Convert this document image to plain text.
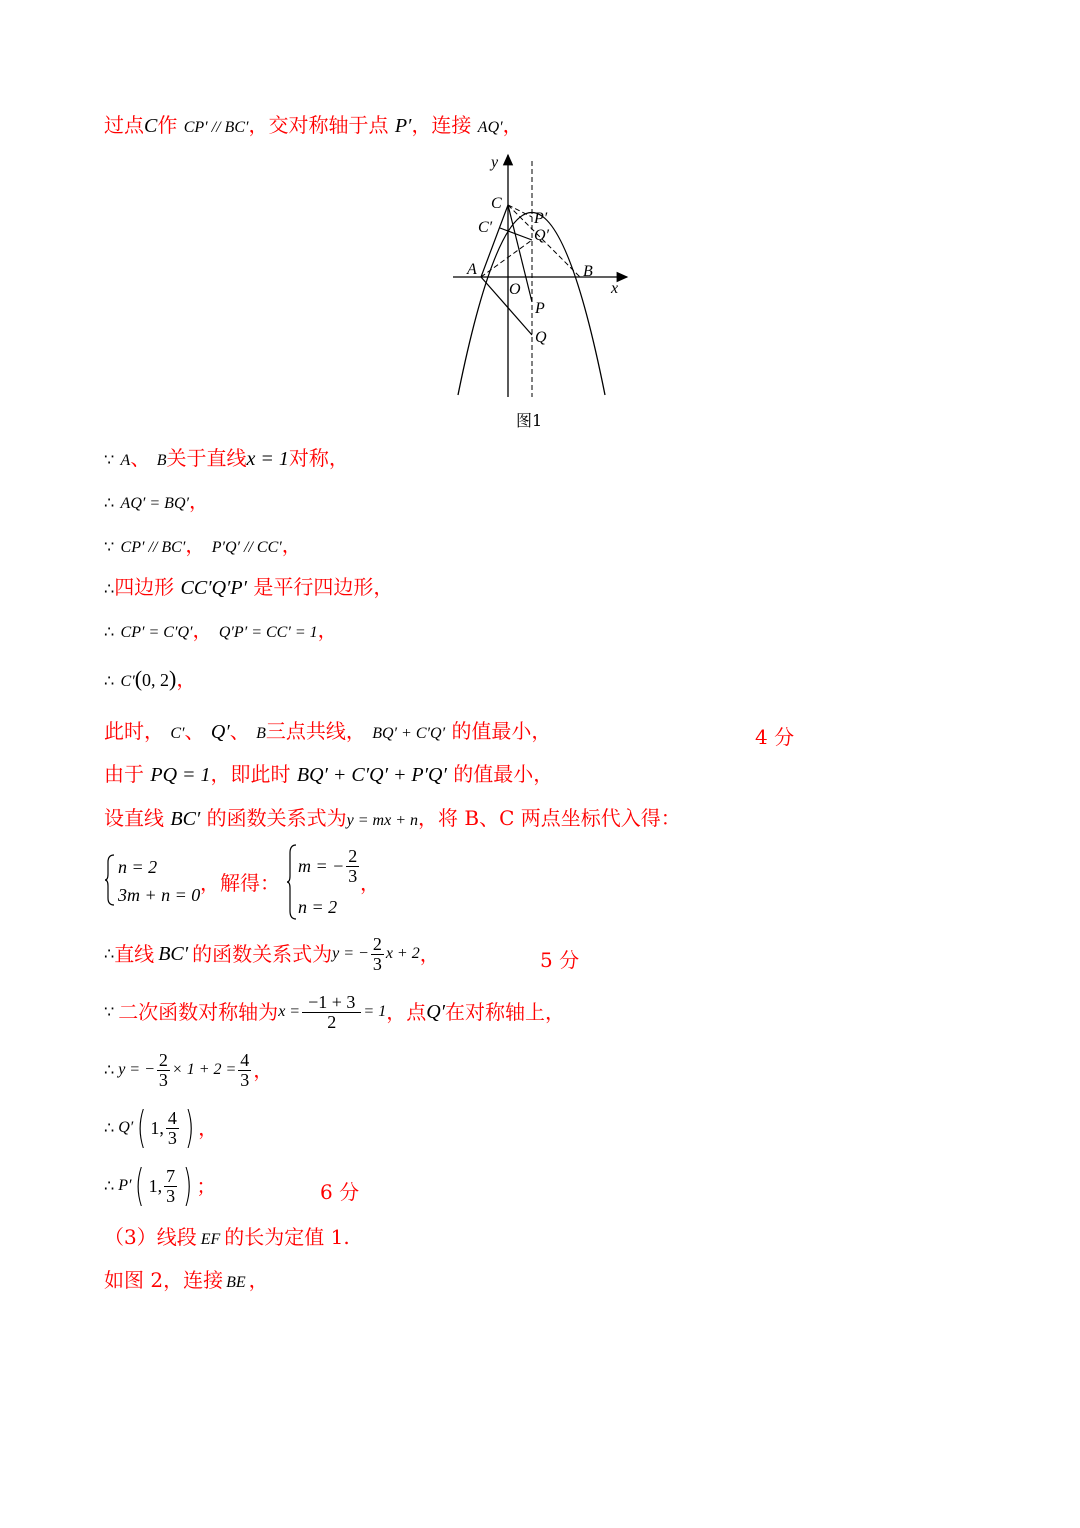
过点C作 CP′ // BC′，交对称轴于点 P′，连接 AQ′，
y
C
C′
P′
Q′
A	B
O	x
P
Q
图1
∵ A、 B关于直线x = 1对称，
∴ AQ′ = BQ′，
∵ CP′ // BC′， P′Q′ // CC′，
∴四边形 CC′Q′P′ 是平行四边形，
∴ CP′ = C′Q′， Q′P′ = CC′ = 1，
∴ C′(0, 2)，
此时， C′、 Q′、 B三点共线， BQ′ + C′Q′ 的值最小，	4 分
由于 PQ = 1，即此时 BQ′ + C′Q′ + P′Q′ 的值最小，
设直线 BC′ 的函数关系式为y = mx + n，将 B、C 两点坐标代入得：
n = 2
3m + n = 0 ，解得：
m = − $\frac{2}{3}$
n = 2
，
∴ 直线 BC′ 的函数关系式为 y = − $\frac{2}{3}$ x + 2 ，	5 分
∵ 二次函数对称轴为 $x = \frac{-1 + 3}{2} = 1$ ，点 Q′ 在对称轴上，
∴ y = − $\frac{2}{3} \times 1 + 2 = \frac{4}{3}$ ，
∴ Q′ ( 1, $\frac{4}{3}$ ) ，
∴ P′ ( 1, $\frac{7}{3}$ ) ；	6 分
（3）线段 EF 的长为定值 1.
如图 2，连接 BE ，
